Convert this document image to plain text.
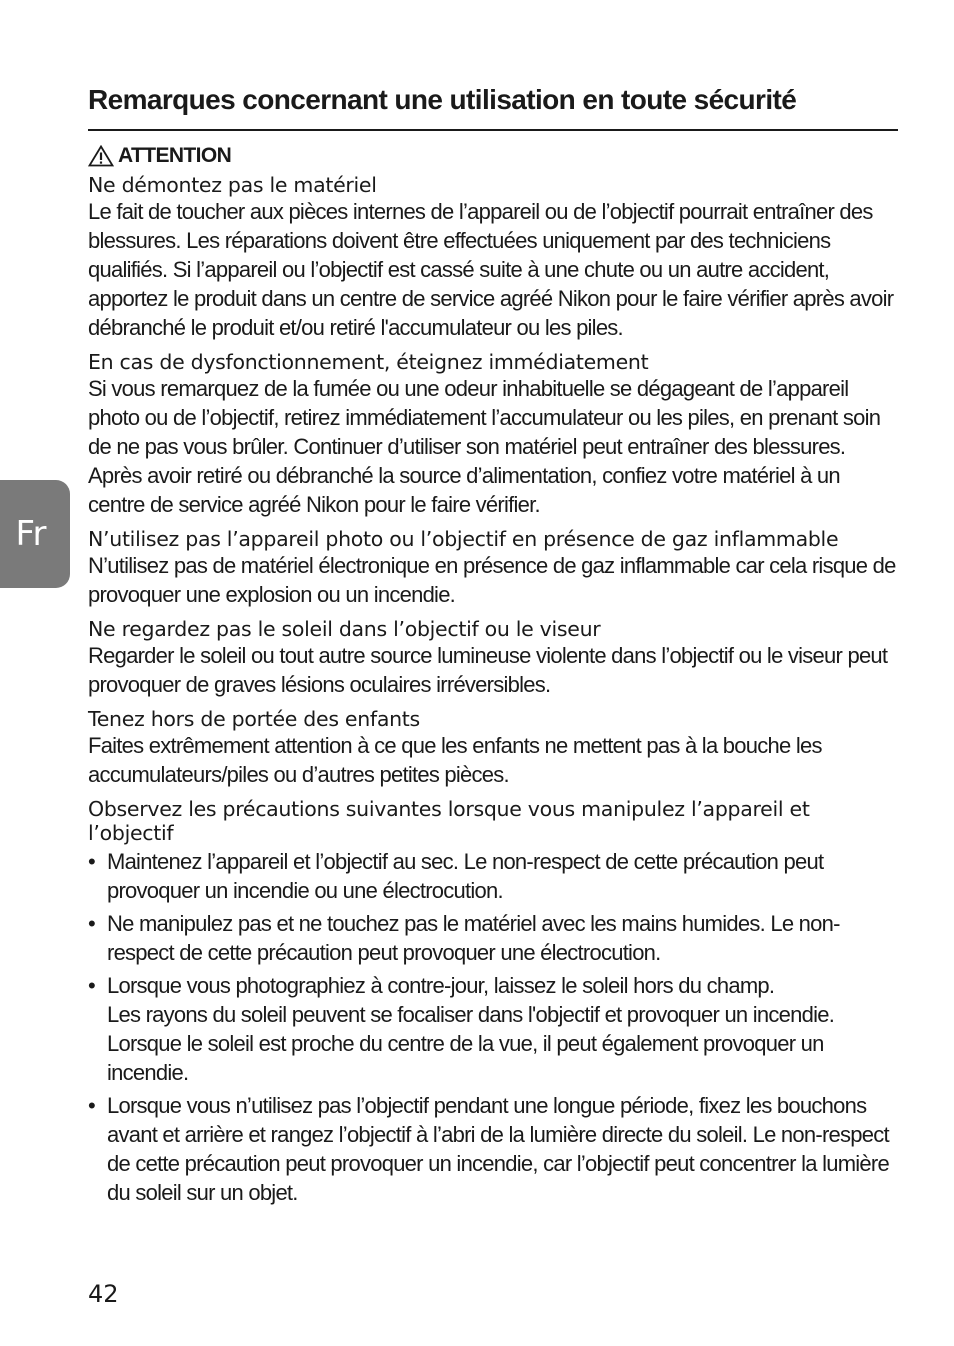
Remarques concernant une utilisation en toute sécurité
ATTENTION
Ne démontez pas le matériel

Le fait de toucher aux pièces internes de l’appareil ou de l’objectif pourrait entraîner des blessures. Les réparations doivent être effectuées uniquement par des techniciens qualifiés. Si l’appareil ou l’objectif est cassé suite à une chute ou un autre accident, apportez le produit dans un centre de service agréé Nikon pour le faire vérifier après avoir débranché le produit et/ou retiré l'accumulateur ou les piles.

En cas de dysfonctionnement, éteignez immédiatement

Si vous remarquez de la fumée ou une odeur inhabituelle se dégageant de l’appareil photo ou de l’objectif, retirez immédiatement l’accumulateur ou les piles, en prenant soin de ne pas vous brûler. Continuer d’utiliser son matériel peut entraîner des blessures. Après avoir retiré ou débranché la source d’alimentation, confiez votre matériel à un centre de service agréé Nikon pour le faire vérifier.

N’utilisez pas l’appareil photo ou l’objectif en présence de gaz inflammable

N’utilisez pas de matériel électronique en présence de gaz inflammable car cela risque de provoquer une explosion ou un incendie.

Ne regardez pas le soleil dans l’objectif ou le viseur

Regarder le soleil ou tout autre source lumineuse violente dans l’objectif ou le viseur peut provoquer de graves lésions oculaires irréversibles.

Tenez hors de portée des enfants

Faites extrêmement attention à ce que les enfants ne mettent pas à la bouche les accumulateurs/piles ou d’autres petites pièces.

Observez les précautions suivantes lorsque vous manipulez l’appareil et l’objectif
• Maintenez l’appareil et l’objectif au sec. Le non-respect de cette précaution peut provoquer un incendie ou une électrocution.
• Ne manipulez pas et ne touchez pas le matériel avec les mains humides. Le non-respect de cette précaution peut provoquer une électrocution.
• Lorsque vous photographiez à contre-jour, laissez le soleil hors du champ.
Les rayons du soleil peuvent se focaliser dans l'objectif et provoquer un incendie. Lorsque le soleil est proche du centre de la vue, il peut également provoquer un incendie.
• Lorsque vous n’utilisez pas l’objectif pendant une longue période, fixez les bouchons avant et arrière et rangez l’objectif à l’abri de la lumière directe du soleil. Le non-respect de cette précaution peut provoquer un incendie, car l’objectif peut concentrer la lumière du soleil sur un objet.
Fr
42
